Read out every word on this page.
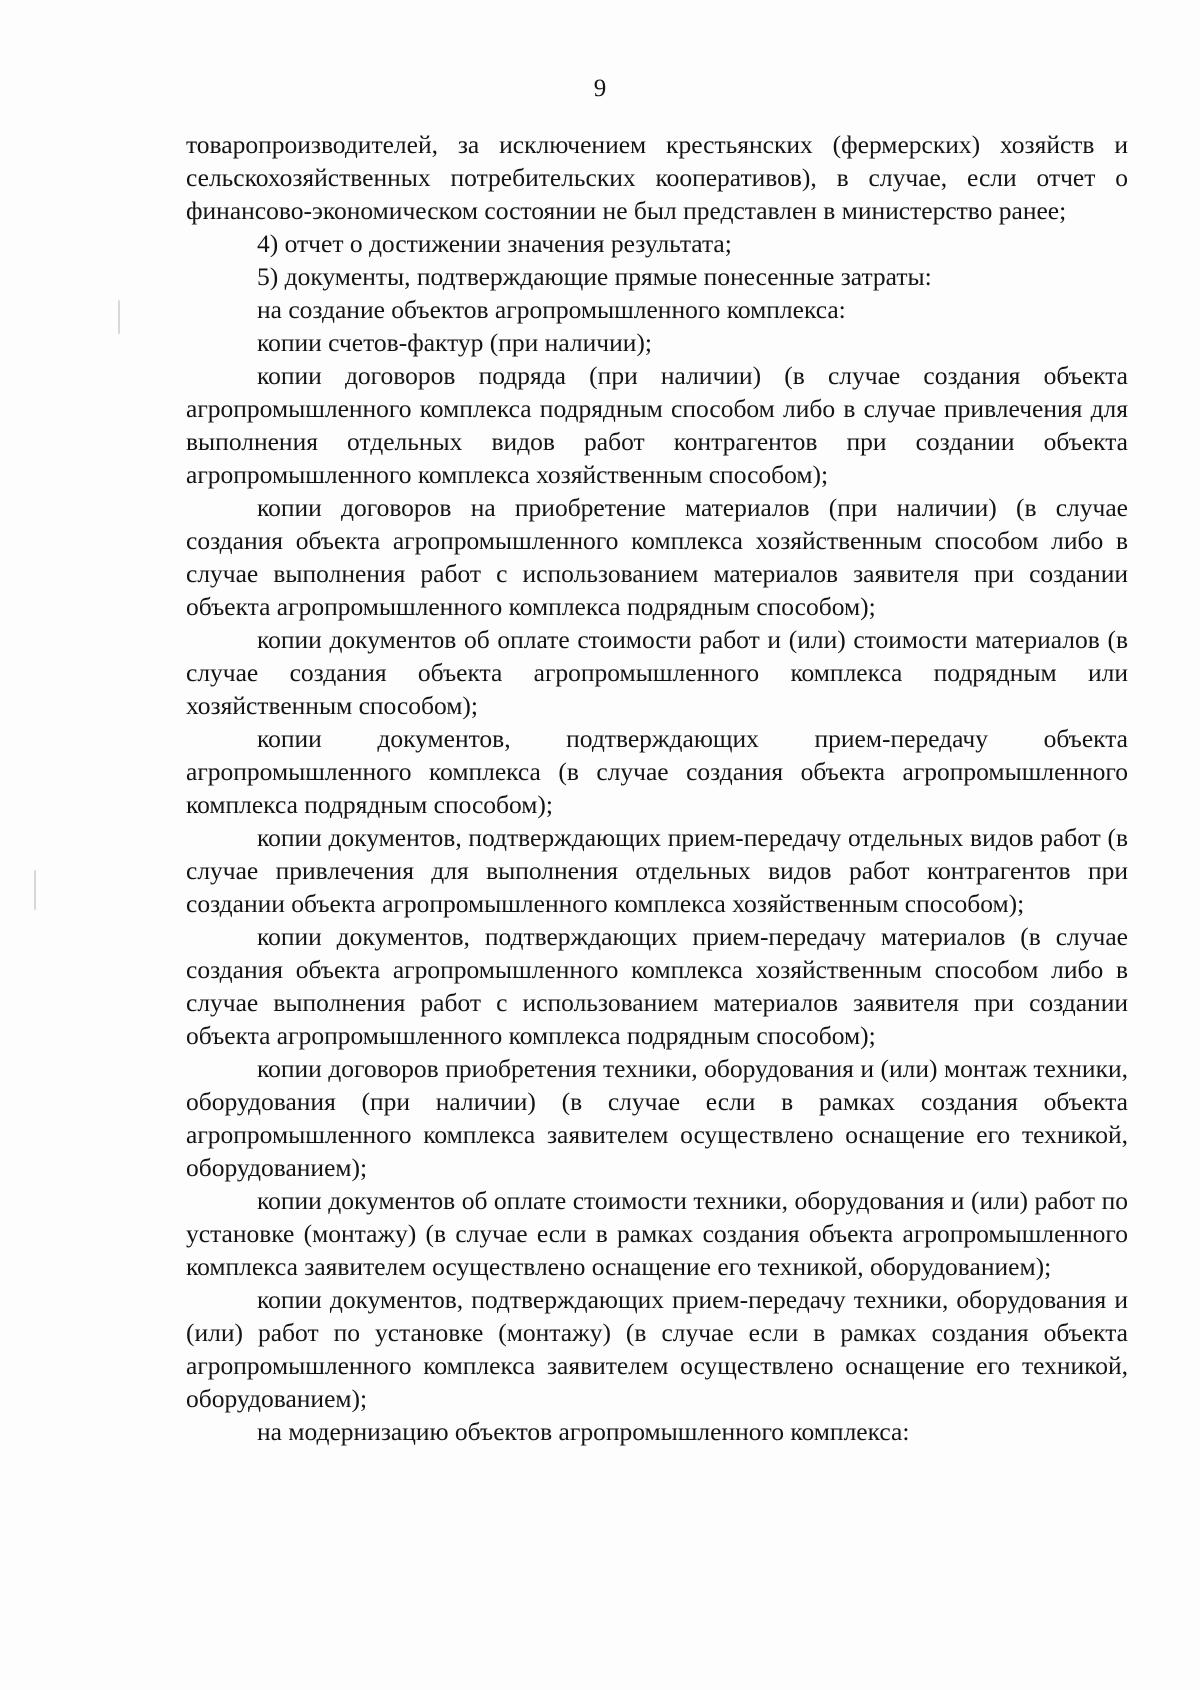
9

товаропроизводителей, за исключением крестьянских (фермерских) хозяйств и сельскохозяйственных потребительских кооперативов), в случае, если отчет о финансово-экономическом состоянии не был представлен в министерство ранее;

4) отчет о достижении значения результата;

5) документы, подтверждающие прямые понесенные затраты:

на создание объектов агропромышленного комплекса:

копии счетов-фактур (при наличии);

копии договоров подряда (при наличии) (в случае создания объекта агропромышленного комплекса подрядным способом либо в случае привлечения для выполнения отдельных видов работ контрагентов при создании объекта агропромышленного комплекса хозяйственным способом);

копии договоров на приобретение материалов (при наличии) (в случае создания объекта агропромышленного комплекса хозяйственным способом либо в случае выполнения работ с использованием материалов заявителя при создании объекта агропромышленного комплекса подрядным способом);

копии документов об оплате стоимости работ и (или) стоимости материалов (в случае создания объекта агропромышленного комплекса подрядным или хозяйственным способом);

копии документов, подтверждающих прием-передачу объекта агропромышленного комплекса (в случае создания объекта агропромышленного комплекса подрядным способом);

копии документов, подтверждающих прием-передачу отдельных видов работ (в случае привлечения для выполнения отдельных видов работ контрагентов при создании объекта агропромышленного комплекса хозяйственным способом);

копии документов, подтверждающих прием-передачу материалов (в случае создания объекта агропромышленного комплекса хозяйственным способом либо в случае выполнения работ с использованием материалов заявителя при создании объекта агропромышленного комплекса подрядным способом);

копии договоров приобретения техники, оборудования и (или) монтаж техники, оборудования (при наличии) (в случае если в рамках создания объекта агропромышленного комплекса заявителем осуществлено оснащение его техникой, оборудованием);

копии документов об оплате стоимости техники, оборудования и (или) работ по установке (монтажу) (в случае если в рамках создания объекта агропромышленного комплекса заявителем осуществлено оснащение его техникой, оборудованием);

копии документов, подтверждающих прием-передачу техники, оборудования и (или) работ по установке (монтажу) (в случае если в рамках создания объекта агропромышленного комплекса заявителем осуществлено оснащение его техникой, оборудованием);

на модернизацию объектов агропромышленного комплекса:
